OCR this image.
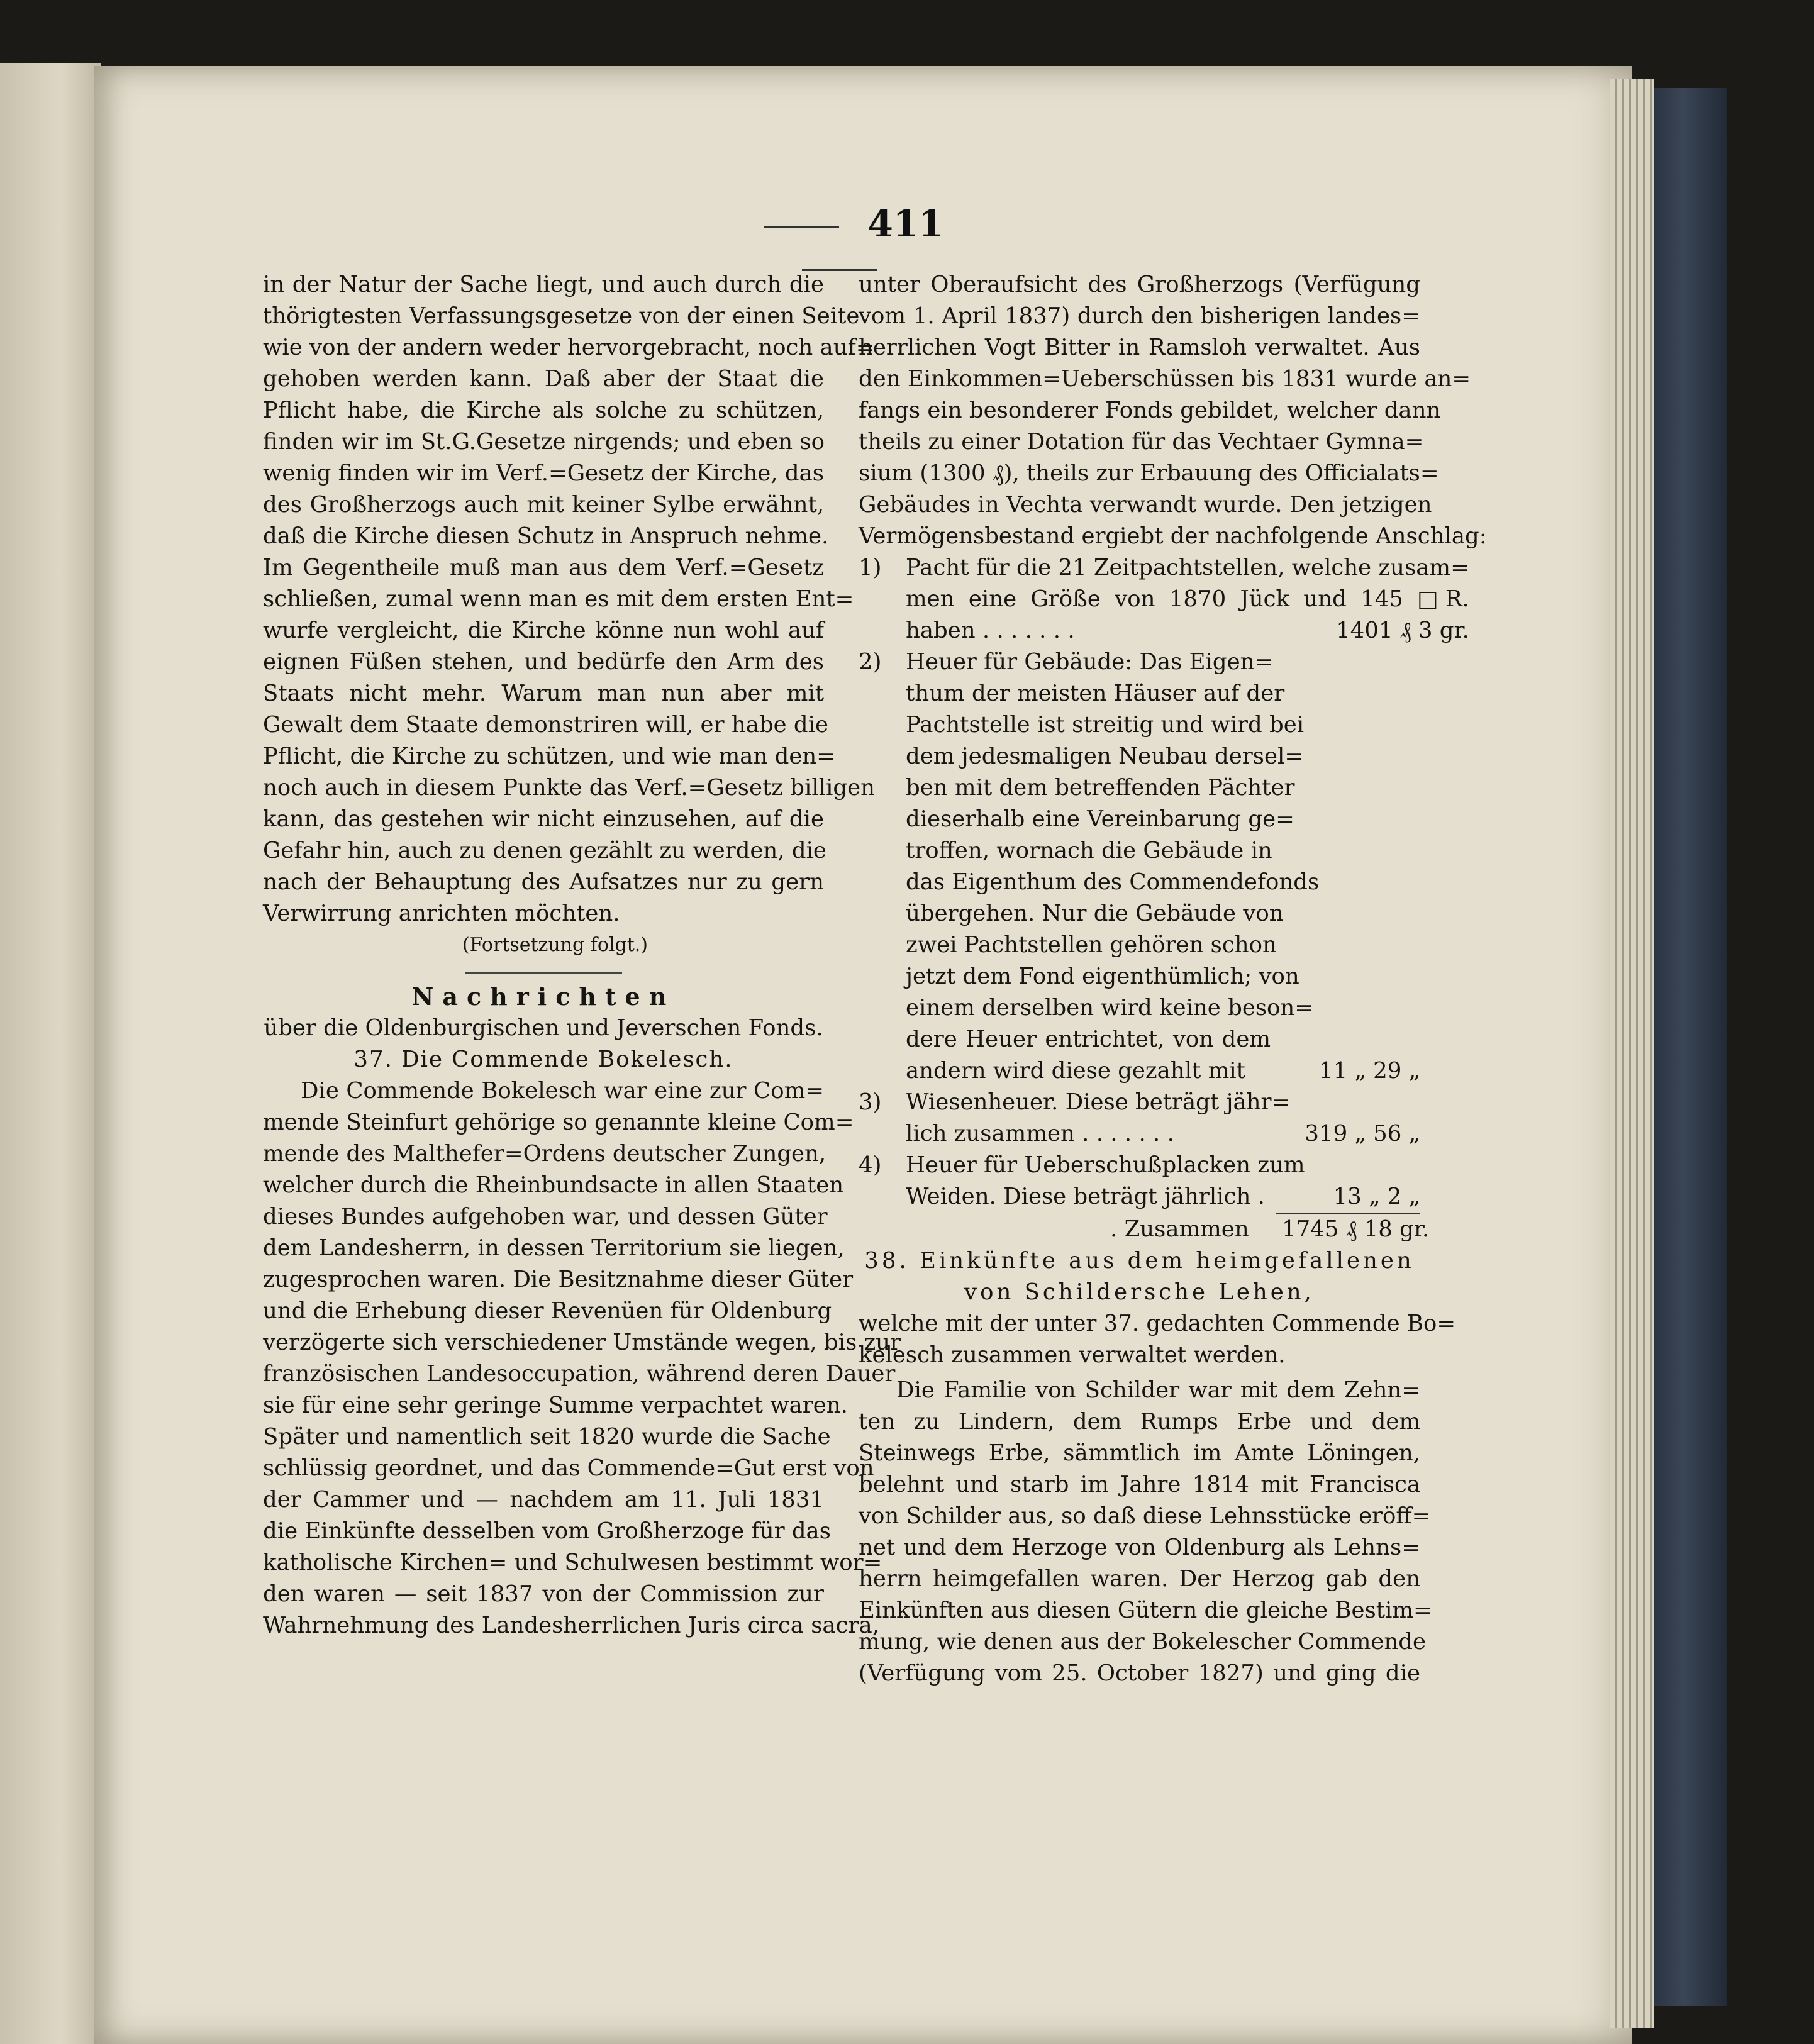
411
in der Natur der Sache liegt, und auch durch die
thörigtesten Verfassungsgesetze von der einen Seite
wie von der andern weder hervorgebracht, noch auf=
gehoben werden kann. Daß aber der Staat die
Pflicht habe, die Kirche als solche zu schützen,
finden wir im St.G.Gesetze nirgends; und eben so
wenig finden wir im Verf.=Gesetz der Kirche, das
des Großherzogs auch mit keiner Sylbe erwähnt,
daß die Kirche diesen Schutz in Anspruch nehme.
Im Gegentheile muß man aus dem Verf.=Gesetz
schließen, zumal wenn man es mit dem ersten Ent=
wurfe vergleicht, die Kirche könne nun wohl auf
eignen Füßen stehen, und bedürfe den Arm des
Staats nicht mehr. Warum man nun aber mit
Gewalt dem Staate demonstriren will, er habe die
Pflicht, die Kirche zu schützen, und wie man den=
noch auch in diesem Punkte das Verf.=Gesetz billigen
kann, das gestehen wir nicht einzusehen, auf die
Gefahr hin, auch zu denen gezählt zu werden, die
nach der Behauptung des Aufsatzes nur zu gern
Verwirrung anrichten möchten.

(Fortsetzung folgt.)

Nachrichten

über die Oldenburgischen und Jeverschen Fonds.

37. Die Commende Bokelesch.

Die Commende Bokelesch war eine zur Com=
mende Steinfurt gehörige so genannte kleine Com=
mende des Malthefer=Ordens deutscher Zungen,
welcher durch die Rheinbundsacte in allen Staaten
dieses Bundes aufgehoben war, und dessen Güter
dem Landesherrn, in dessen Territorium sie liegen,
zugesprochen waren. Die Besitznahme dieser Güter
und die Erhebung dieser Revenüen für Oldenburg
verzögerte sich verschiedener Umstände wegen, bis zur
französischen Landesoccupation, während deren Dauer
sie für eine sehr geringe Summe verpachtet waren.
Später und namentlich seit 1820 wurde die Sache
schlüssig geordnet, und das Commende=Gut erst von
der Cammer und — nachdem am 11. Juli 1831
die Einkünfte desselben vom Großherzoge für das
katholische Kirchen= und Schulwesen bestimmt wor=
den waren — seit 1837 von der Commission zur
Wahrnehmung des Landesherrlichen Juris circa sacra,
unter Oberaufsicht des Großherzogs (Verfügung
vom 1. April 1837) durch den bisherigen landes=
herrlichen Vogt Bitter in Ramsloh verwaltet. Aus
den Einkommen=Ueberschüssen bis 1831 wurde an=
fangs ein besonderer Fonds gebildet, welcher dann
theils zu einer Dotation für das Vechtaer Gymna=
sium (1300 ₰), theils zur Erbauung des Officialats=
Gebäudes in Vechta verwandt wurde. Den jetzigen
Vermögensbestand ergiebt der nachfolgende Anschlag:
1)	Pacht für die 21 Zeitpachtstellen, welche zusam=
men eine Größe von 1870 Jück und 145 □R.
haben . . . . . . .	1401 ₰ 3 gr.
2)	Heuer für Gebäude: Das Eigen=
thum der meisten Häuser auf der
Pachtstelle ist streitig und wird bei
dem jedesmaligen Neubau dersel=
ben mit dem betreffenden Pächter
dieserhalb eine Vereinbarung ge=
troffen, wornach die Gebäude in
das Eigenthum des Commendefonds
übergehen. Nur die Gebäude von
zwei Pachtstellen gehören schon
jetzt dem Fond eigenthümlich; von
einem derselben wird keine beson=
dere Heuer entrichtet, von dem
andern wird diese gezahlt mit	11 „ 29 „
3)	Wiesenheuer. Diese beträgt jähr=
lich zusammen . . . . . . .	319 „ 56 „
4)	Heuer für Ueberschußplacken zum
Weiden. Diese beträgt jährlich .	13 „ 2 „
. Zusammen 1745 ₰ 18 gr.

38. Einkünfte aus dem heimgefallenen
von Schildersche Lehen,

welche mit der unter 37. gedachten Commende Bo=
kelesch zusammen verwaltet werden.
Die Familie von Schilder war mit dem Zehn=
ten zu Lindern, dem Rumps Erbe und dem
Steinwegs Erbe, sämmtlich im Amte Löningen,
belehnt und starb im Jahre 1814 mit Francisca
von Schilder aus, so daß diese Lehnsstücke eröff=
net und dem Herzoge von Oldenburg als Lehns=
herrn heimgefallen waren. Der Herzog gab den
Einkünften aus diesen Gütern die gleiche Bestim=
mung, wie denen aus der Bokelescher Commende
(Verfügung vom 25. October 1827) und ging die
